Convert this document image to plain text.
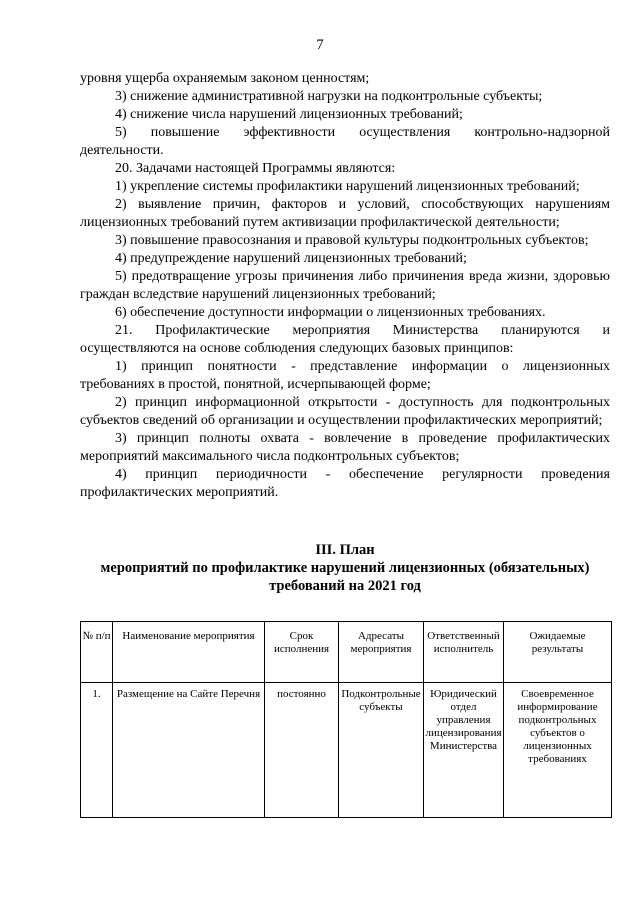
7

уровня ущерба охраняемым законом ценностям;

3) снижение административной нагрузки на подконтрольные субъекты;

4) снижение числа нарушений лицензионных требований;

5) повышение эффективности осуществления контрольно-надзорной деятельности.

20. Задачами настоящей Программы являются:

1) укрепление системы профилактики нарушений лицензионных требований;

2) выявление причин, факторов и условий, способствующих нарушениям лицензионных требований путем активизации профилактической деятельности;

3) повышение правосознания и правовой культуры подконтрольных субъектов;

4) предупреждение нарушений лицензионных требований;

5) предотвращение угрозы причинения либо причинения вреда жизни, здоровью граждан вследствие нарушений лицензионных требований;

6) обеспечение доступности информации о лицензионных требованиях.

21. Профилактические мероприятия Министерства планируются и осуществляются на основе соблюдения следующих базовых принципов:

1) принцип понятности - представление информации о лицензионных требованиях в простой, понятной, исчерпывающей форме;

2) принцип информационной открытости - доступность для подконтрольных субъектов сведений об организации и осуществлении профилактических мероприятий;

3) принцип полноты охвата - вовлечение в проведение профилактических мероприятий максимального числа подконтрольных субъектов;

4) принцип периодичности - обеспечение регулярности проведения профилактических мероприятий.

III. План
мероприятий по профилактике нарушений лицензионных (обязательных)
требований на 2021 год
№ п/п	Наименование мероприятия	Срок исполнения	Адресаты мероприятия	Ответственный исполнитель	Ожидаемые результаты
1.	Размещение на Сайте Перечня	постоянно	Подконтрольные субъекты	Юридический отдел управления лицензирования Министерства	Своевременное информирование подконтрольных субъектов о лицензионных требованиях
